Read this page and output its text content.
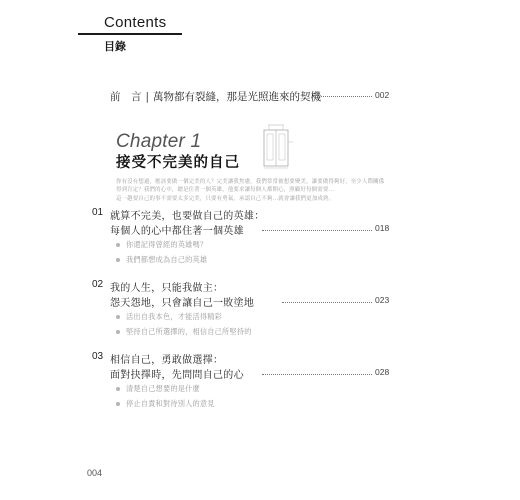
Contents
目錄
前　言 | 萬物都有裂縫，那是光照進來的契機	002
Chapter 1
接受不完美的自己
你有沒有想過，應該要做一個完美的人？完美讓我焦慮，我們常常被想要變美，讓要做得夠好，至少人際關係
得到肯定？我們的心中，總是住著一個英雄，他要求讓每個人都開心，照顧好每個需要...
這一趟要自己的事不需要太多完美，只要有勇氣，承認自己不夠...就會讓我們更加成熟。
01 就算不完美，也要做自己的英雄：
每個人的心中都住著一個英雄	018
你還記得曾經的英雄嗎？
我們都想成為自己的英雄
02 我的人生，只能我做主：
怨天怨地，只會讓自己一敗塗地	023
活出自我本色，才能活得精彩
堅持自己所選擇的，相信自己所堅持的
03 相信自己，勇敢做選擇：
面對抉擇時，先問問自己的心	028
清楚自己想要的是什麼
停止自責和對待別人的意見
004
